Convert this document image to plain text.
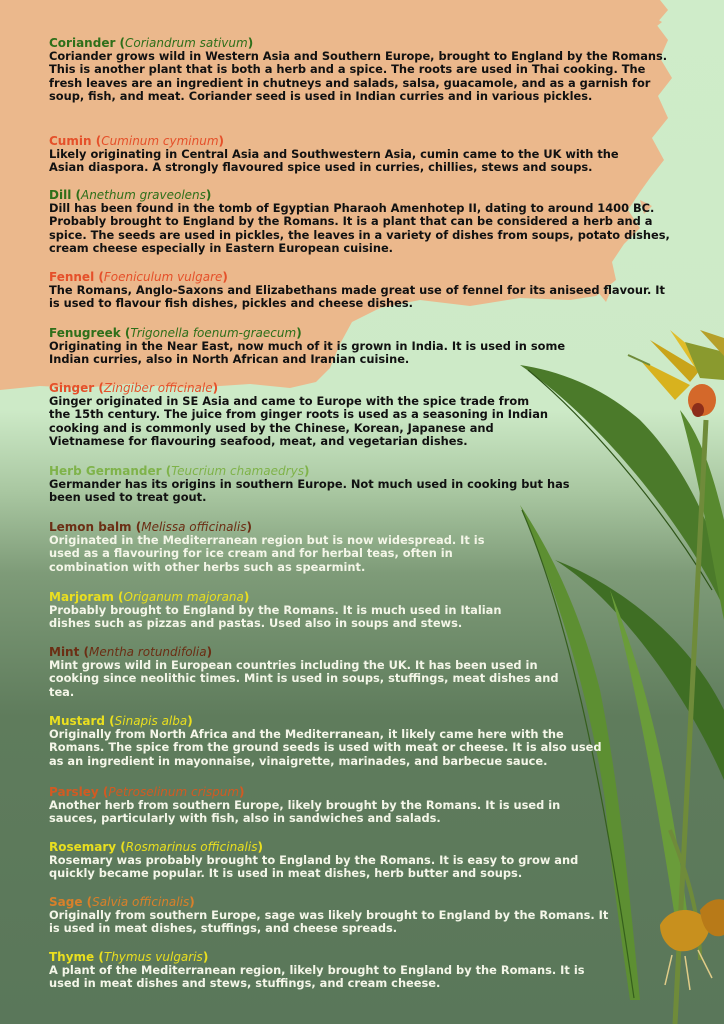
Coriander (Coriandrum sativum)

Coriander grows wild in Western Asia and Southern Europe, brought to England by the Romans. This is another plant that is both a herb and a spice. The roots are used in Thai cooking. The fresh leaves are an ingredient in chutneys and salads, salsa, guacamole, and as a garnish for soup, fish, and meat. Coriander seed is used in Indian curries and in various pickles.

Cumin (Cuminum cyminum)

Likely originating in Central Asia and Southwestern Asia, cumin came to the UK with the Asian diaspora. A strongly flavoured spice used in curries, chillies, stews and soups.

Dill (Anethum graveolens)

Dill has been found in the tomb of Egyptian Pharaoh Amenhotep II, dating to around 1400 BC. Probably brought to England by the Romans. It is a plant that can be considered a herb and a spice. The seeds are used in pickles, the leaves in a variety of dishes from soups, potato dishes, cream cheese especially in Eastern European cuisine.

Fennel (Foeniculum vulgare)

The Romans, Anglo-Saxons and Elizabethans made great use of fennel for its aniseed flavour. It is used to flavour fish dishes, pickles and cheese dishes.

Fenugreek (Trigonella foenum-graecum)

Originating in the Near East, now much of it is grown in India. It is used in some Indian curries, also in North African and Iranian cuisine.

Ginger (Zingiber officinale)

Ginger originated in SE Asia and came to Europe with the spice trade from the 15th century. The juice from ginger roots is used as a seasoning in Indian cooking and is commonly used by the Chinese, Korean, Japanese and Vietnamese for flavouring seafood, meat, and vegetarian dishes.

Herb Germander (Teucrium chamaedrys)

Germander has its origins in southern Europe. Not much used in cooking but has been used to treat gout.

Lemon balm (Melissa officinalis)

Originated in the Mediterranean region but is now widespread. It is used as a flavouring for ice cream and for herbal teas, often in combination with other herbs such as spearmint.

Marjoram (Origanum majorana)

Probably brought to England by the Romans. It is much used in Italian dishes such as pizzas and pastas. Used also in soups and stews.

Mint (Mentha rotundifolia)

Mint grows wild in European countries including the UK. It has been used in cooking since neolithic times. Mint is used in soups, stuffings, meat dishes and tea.

Mustard (Sinapis alba)

Originally from North Africa and the Mediterranean, it likely came here with the Romans. The spice from the ground seeds is used with meat or cheese. It is also used as an ingredient in mayonnaise, vinaigrette, marinades, and barbecue sauce.

Parsley (Petroselinum crispum)

Another herb from southern Europe, likely brought by the Romans. It is used in sauces, particularly with fish, also in sandwiches and salads.

Rosemary (Rosmarinus officinalis)

Rosemary was probably brought to England by the Romans. It is easy to grow and quickly became popular. It is used in meat dishes, herb butter and soups.

Sage (Salvia officinalis)

Originally from southern Europe, sage was likely brought to England by the Romans. It is used in meat dishes, stuffings, and cheese spreads.

Thyme (Thymus vulgaris)

A plant of the Mediterranean region, likely brought to England by the Romans. It is used in meat dishes and stews, stuffings, and cream cheese.
